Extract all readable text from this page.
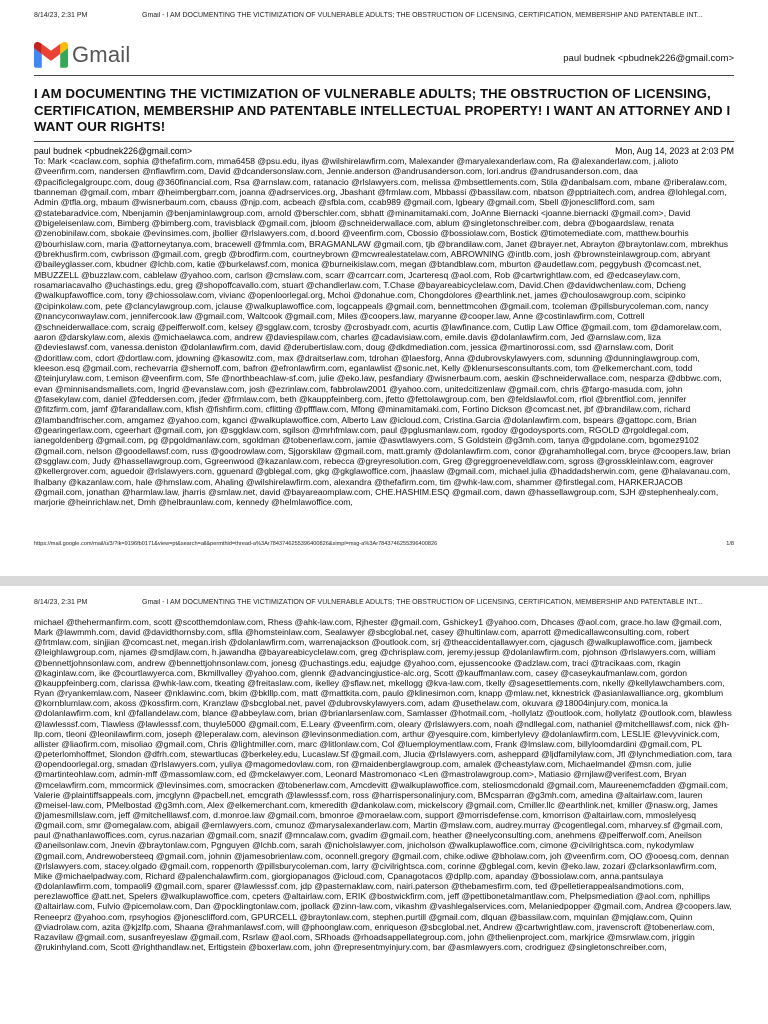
8/14/23, 2:31 PM	Gmail - I AM DOCUMENTING THE VICTIMIZATION OF VULNERABLE ADULTS; THE OBSTRUCTION OF LICENSING, CERTIFICATION, MEMBERSHIP AND PATENTABLE INT...
Gmail	paul budnek <pbudnek226@gmail.com>
I AM DOCUMENTING THE VICTIMIZATION OF VULNERABLE ADULTS; THE OBSTRUCTION OF LICENSING, CERTIFICATION, MEMBERSHIP AND PATENTABLE INTELLECTUAL PROPERTY! I WANT AN ATTORNEY AND I WANT OUR RIGHTS!
paul budnek <pbudnek226@gmail.com>	Mon, Aug 14, 2023 at 2:03 PM
To: Mark <caclaw.com, sophia @thefafirm.com, mma6458 @psu.edu, ilyas @wilshirelawfirm.com, Malexander @maryalexanderlaw.com, Ra @alexanderlaw.com, j.alioto @veenfirm.com, nandersen @nflawfirm.com, David @dcandersonslaw.com, Jennie.anderson @andrusanderson.com, lori.andrus @andrusanderson.com, daa @pacificlegalgroupc.com, doug @360financial.com, Rsa @arnslaw.com, ratanacio @rlslawyers.com, melissa @mbsettlements.com, Stila @danbalsam.com, mbane @riberalaw.com, tbanneman @gmail.com, mbarr @heimbergbarr.com, joanna @adrservices.org, Jbashant @frmlaw.com, Mbbassi @bassilaw.com, nbatson @pptriaitech.com, andrea @lohlegal.com, Admin @tfla.org, mbaum @wisnerbaum.com, cbauss @njp.com, acbeach @sfbla.com, ccab989 @gmail.com, lgbeary @gmail.com, Sbell @jonesclifford.com, sam @statebaradvice.com, Nbenjamin @benjaminlawgroup.com, arnold @berschler.com, sbhatt @minamitamaki.com, JoAnne Biernacki <joanne.biernacki @gmail.com>, David @bigeleisenlaw.com, Bimberg @bimberg.com, travisblack @gmail.com, jbloom @schneiderwallace.com, ablum @singletonschreiber.com, debra @bogaardslaw, renata @zenobinilaw.com, sbokaie @evinsimes.com, jbollier @rlslawyers.com, d.boord @veenfirm.com, Cbossio @bossiolaw.com, Bostick @timotemediate.com, matthew.bourhis @bourhislaw.com, maria @attorneytanya.com, bracewell @fmmla.com, BRAGMANLAW @gmail.com, tjb @brandilaw.com, Janet @brayer.net, Abrayton @braytonlaw.com, mbrekhus @brekhusfirm.com, cwbrisson @gmail.com, gregb @brodfirm.com, courtneybrown @mcwrealestatelaw.com, ABROWNING @intlb.com, josh @brownsteinlawgroup.com, abryant @baileyglasser.com, kbudner @lchb.com, katie @burkelawsf.com, monica @burneikislaw.com, megan @btandblaw.com, mburton @audetlaw.com, peggybush @comcast.net, MBUZZELL @buzzlaw.com, cablelaw @yahoo.com, carlson @cmslaw.com, scarr @carrcarr.com, Jcarteresq @aol.com, Rob @cartwrightlaw.com, ed @edcaseylaw.com, rosamariacavalho @uchastings.edu, greg @shopoffcavallo.com, stuart @chandlerlaw.com, T.Chase @bayareabicyclelaw.com, David.Chen @davidwchenlaw.com, Dcheng @walkupfawoffice.com, tony @chiossolaw.com, vivianc @openloorlegal.org, Mchoi @donahue.com, Chongdolores @earthlink.net, james @choulosawgroup.com, scipinko @cipinkolaw.com, pete @clancylawgroup.com, jclause @walkuplawoffice.com, logcappeals @gmail.com, bennettmcohen @gmail.com, tcoleman @pillsburycoleman.com, nancy @nancyconwaylaw.com, jennifercook.law @gmail.com, Waltcook @gmail.com, Miles @coopers.law, maryanne @cooper.law, Anne @costinlawfirm.com, Cottrell @schneiderwallace.com, scraig @peifferwolf.com, kelsey @sgglaw.com, tcrosby @crosbyadr.com, acurtis @lawfinance.com, Cutlip Law Office @gmail.com, tom @damorelaw.com, aaron @darskylaw.com, alexis @michaelawca.com, andrew @daviespilaw.com, charles @cadavisiaw.com, emile.davis @dolanlawfirm.com, Jed @arnslaw.com, liza @devieslawsf.com, vanessa.deniston @dolanlawfirm.com, david @derubertislaw.com, doug @dkdmediation.com, jessica @martinorossi.com, ssd @arnslaw.com, Dorit @doritlaw.com, cdort @dortlaw.com, jdowning @kasowitz.com, max @draitserlaw.com, tdrohan @laesforg, Anna @dubrovskylawyers.com, sdunning @dunninglawgroup.com, kleeson.esq @gmail.com, rechevarria @shernoff.com, bafron @efronlawfirm.com, eganlawlist @sonic.net, Kelly @klenursesconsultants.com, tom @elkemerchant.com, todd @teinjurylaw.com, t.emison @veenfirm.com, Sfe @northbeachlaw-sf.com, julie @eko.law, pesfandiary @wisnerbaum.com, aeskin @schneiderwallace.com, nesparza @dbbwc.com, evan @minnisandsmallets.com, Ingrid @evanslaw.com, josh @ezrinlaw.com, fabbrolaw2001 @yahoo.com, unitedcitizenlaw @gmail.com, chris @fargo-masuda.com, john @fasekylaw.com, daniel @feddersen.com, jfeder @frmlaw.com, beth @kauppfeinberg.com, jfetto @fettolawgroup.com, ben @feldslawfol.com, rfiol @brentfiol.com, jennifer @fitzfirm.com, jamf @farandallaw.com, kfish @fishfirm.com, cflitting @pffflaw.com, Mfong @minamitamaki.com, Fortino Dickson @comcast.net, jbf @brandilaw.com, richard @lambandfrischer.com, amgamez @yahoo.com, kganci @walkuplawoffice.com, Alberto Law @icloud.com, Cristina.Garcia @dolanlawfirm.com, bspears @gattopc.com, Brian @gearingerlaw.com, cgeerhart @gmail.com, jon @sggklaw.com, sgilson @mrhfmlaw.com, paul @pglusmanlaw.com, rgodoy @godoysports.com, RGOLD @rgoldlegal.com, ianegoldenberg @gmail.com, pg @pgoldmanlaw.com, sgoldman @tobenerlaw.com, jamie @aswtlawyers.com, S Goldstein @g3mh.com, tanya @gpdolane.com, bgomez9102 @gmail.com, nelson @goodellawsf.com, russ @goodrowlaw.com, Sjgorskilaw @gmail.com, matt.gramly @dolanlawfirm.com, conor @grahamhollegal.com, bryce @coopers.law, brian @sgglaw.com, Judy @hassellawgroup.com, Ggreenwood @kazanlaw.com, rebecca @greyresolution.com, Greg @greggroeneveldlaw.com, sgross @grosskleinlaw.com, eagrover @kellergrover.com, aguedoir @rlslawyers.com, gguenard @gblegal.com, gkg @gkglawoffice.com, jhaaslaw @gmail.com, michael.julia @haddadsherwin.com, gene @halavanau.com, lhalbany @kazanlaw.com, hale @hmslaw.com, Ahaling @wilshirelawfirm.com, alexandra @thefafirm.com, tim @whk-law.com, shammer @firstlegal.com, HARKERJACOB @gmail.com, jonathan @harmlaw.law, jharris @smlaw.net, david @bayareaomplaw.com, CHE.HASHIM.ESQ @gmail.com, dawn @hassellawgroup.com, SJH @stephenhealy.com, marjorie @heinrichlaw.net, Dmh @helbraunlaw.com, kennedy @helmlawoffice.com,
https://mail.google.com/mail/u/3/?ik=9196fb0171&view=pt&search=all&permthid=thread-a%3Ar7843746255396400826&simpl=msg-a%3Ar7843746255396400826	1/8
8/14/23, 2:31 PM	Gmail - I AM DOCUMENTING THE VICTIMIZATION OF VULNERABLE ADULTS; THE OBSTRUCTION OF LICENSING, CERTIFICATION, MEMBERSHIP AND PATENTABLE INT...
michael @thehermanfirm.com, scott @scotthemdonlaw.com, Rhess @ahk-law.com, Rjhester @gmail.com, Gshickey1 @yahoo.com, Dhcases @aol.com, grace.ho.law @gmail.com, Mark @lawmmh.com, david @davidthornsby.com, sflla @homsteinlaw.com, Sealawyer @sbcglobal.net, casey @hultinlaw.com, aparrott @medicallawconsulting.com, robert @frtmlaw.com, sinjjian @comcast.net, megan.irish @dolanlawfirm.com, warrenajackson @outlook.com, srj @theaccidentallawyer.com, cjagusch @walkuplawoffice.com, jjambeck @leighlawgroup.com, njames @smdjlaw.com, h.jawandha @bayareabicyclelaw.com, greg @chrisplaw.com, jeremy.jessup @dolanlawfirm.com, pjohnson @rlslawyers.com, william @bennettjohnsonlaw.com, andrew @bennettjohnsonlaw.com, jonesg @uchastings.edu, eajudge @yahoo.com, ejussencooke @adzlaw.com, traci @tracikaas.com, rkagin @kaginlaw.com, ike @courtlawyerca.com, Bkmillvalley @yahoo.com, glennk @advancingjustice-alc.org, Scott @kauffmanlaw.com, casey @caseykaufmanlaw.com, gordon @kauppfeinberg.com, clarissa @whk-law.com, tkeating @freitaslaw.com, ikelley @sflaw.net, mkellogg @kva-law.com, tkelly @sagesettlements.com, nkelly @kellylawchambers.com, Ryan @ryankemlaw.com, Naseer @nklawinc.com, bkim @bklllp.com, matt @mattkita.com, paulo @klinesimon.com, knapp @mlaw.net, kknestrick @asianlawalliance.org, gkomblum @kornblumlaw.com, akoss @kossfirm.com, Kranzlaw @sbcglobal.net, pavel @dubrovskylawyers.com, adam @usethelaw.com, okuvara @18004injury.com, monica.la @dolanlawfirm.com, knl @fallandelaw.com, blance @abbeylaw.com, brian @brianlarsenlaw.com, Samlasser @hotmail.com, -hollylatz @outlook.com, hollylatz @outlook.com, blawless @lawlesssf.com, Tlawless @lawlesssf.com, thuyle5000 @gmail.com, E.Leary @veenfirm.com, oleary @rlslawyers.com, noah @ndllegal.com, nathaniel @mitchelllawsf.com, nick @h-llp.com, tleoni @leonilawfirm.com, joseph @leperalaw.com, alevinson @levinsonmediation.com, arthur @yesquire.com, kimberlylevy @dolanlawfirm.com, LESLIE @levyvinick.com, allister @liaofirm.com, misoliao @gmail.com, Chris @lightmiller.com, marc @litlonlaw.com, Col @luemploymentlaw.com, Frank @lmslaw.com, billyloomdardini @gmail.com, PL @peterlomhoffmet, Slondon @dfrh.com, stewartlucas @berkeley.edu, Lucaslaw.Sf @gmail.com, Jlucia @rlslawyers.com, asheppard @ljdfamilylaw.com, Jfl @lynchmediation.com, tara @opendoorlegal.org, smadan @rlslawyers.com, yuliya @magomedovlaw.com, ron @maidenberglawgroup.com, amalek @cheastylaw.com, Michaelmandel @msn.com, julie @martinteohlaw.com, admin-mff @massomlaw.com, ed @mckelawyer.com, Leonard Mastromonaco <Len @mastrolawgroup.com>, Matiasio @rnjlaw@verifest.com, Bryan @mcelawfirm.com, mmcormick @levinsimes.com, smocracken @tobenerlaw.com, Amcdevitt @walkuplawoffice.com, steliosmcdonald @gmail.com, Maureenemcfadden @gmail.com, Valerie @plaintiffsappeals.com, jmcglynn @pacbell.net, emcgrath @lawlesssf.com, ross @harrispersonalinjury.com, BMcsparran @g3mh.com, amedina @altairlaw.com, lauren @meisel-law.com, PMelbostad @g3mh.com, Alex @elkemerchant.com, kmeredith @dankolaw.com, mickelscory @gmail.com, Cmiller.llc @earthlink.net, kmiller @nasw.org, James @jamesmillslaw.com, jeff @mitchelllawsf.com, d.monroe.law @gmail.com, bmonroe @moraelaw.com, support @morrisdefense.com, kmorrison @altairlaw.com, mmoslelyesq @gmail.com, smr @omegalaw.com, abigail @ernlawyers.com, cmunoz @marysalexanderlaw.com, Martin @mslaw.com, audrey.murray @cogentlegal.com, mharvey.sf @gmail.com, paul @nathanlawoffices.com, cyrus.nazarian @gmail.com, snazif @mncalaw.com, gvadim @gmail.com, heather @neelyconsulting.com, anehmens @peifferwolf.com, Aneilson @aneilsonlaw.com, Jnevin @braytonlaw.com, Pgnguyen @lchb.com, sarah @nicholslawyer.com, jnicholson @walkuplawoffice.com, cimone @civilrightsca.com, nykodymlaw @gmail.com, Andrewobersteeq @gmail.com, johnin @jamesobrienlaw.com, oconnell.gregory @gmail.com, chike.odiwe @bholaw.com, joh @veenfirm.com, OO @ooesq.com, dennan @rlslawyers.com, stacey.olgado @gmail.com, roppenorth @pillsburycoleman.com, larry @civilrightsca.com, corinne @gblegal.com, kevin @eko.law, zozari @clarksonlawfirm.com, Mike @michaelpadway.com, Richard @palenchalawfirm.com, giorgiopanagos @icloud.com, Cpanagotacos @dpllp.com, apanday @bossiolaw.com, anna.pantsulaya @dolanlawfirm.com, tompaoli9 @gmail.com, sparer @lawlesssf.com, jdp @pasternaklaw.com, nairi.paterson @thebamesfirm.com, ted @pelletierappealsandmotions.com, perezlawoffice @att.net, Spelers @walkuplawoffice.com, cpeters @altairlaw.com, ERIK @bostwickfirm.com, jeff @pettibonetalmantlaw.com, Phelpsmediation @aol.com, nphillips @altairlaw.com, Fulvio @picemolaw.com, Dan @pocklingtonlaw.com, jpollack @zinn-law.com, vikashm @vashlegalservices.com, Melaniedpopper @gmail.com, Andrea @coopers.law, Reneeprz @yahoo.com, rpsyhogios @jonesclifford.com, GPURCELL @braytonlaw.com, stephen.purtill @gmail.com, dlquan @bassilaw.com, mquinlan @mjqlaw.com, Quinn @viadrolaw.com, azita @kjzlfp.com, Shaana @rahmanlawsf.com, will @phoonglaw.com, enriqueson @sbcglobal.net, Andrew @cartwrightlaw.com, jravenscroft @tobenerlaw.com, Razavilaw @gmail.com, susanfreyeslaw @gmail.com, Rsrlaw @aol.com, SRhoads @rhoadsappellategroup.com, john @thelienproject.com, markjrice @msrwlaw.com, jriggin @rukinhyland.com, Scott @righthandlaw.net, Erltigstein @boxerlaw.com, john @representmyinjury.com, bar @asmlawyers.com, crodriguez @singletonschreiber.com,
